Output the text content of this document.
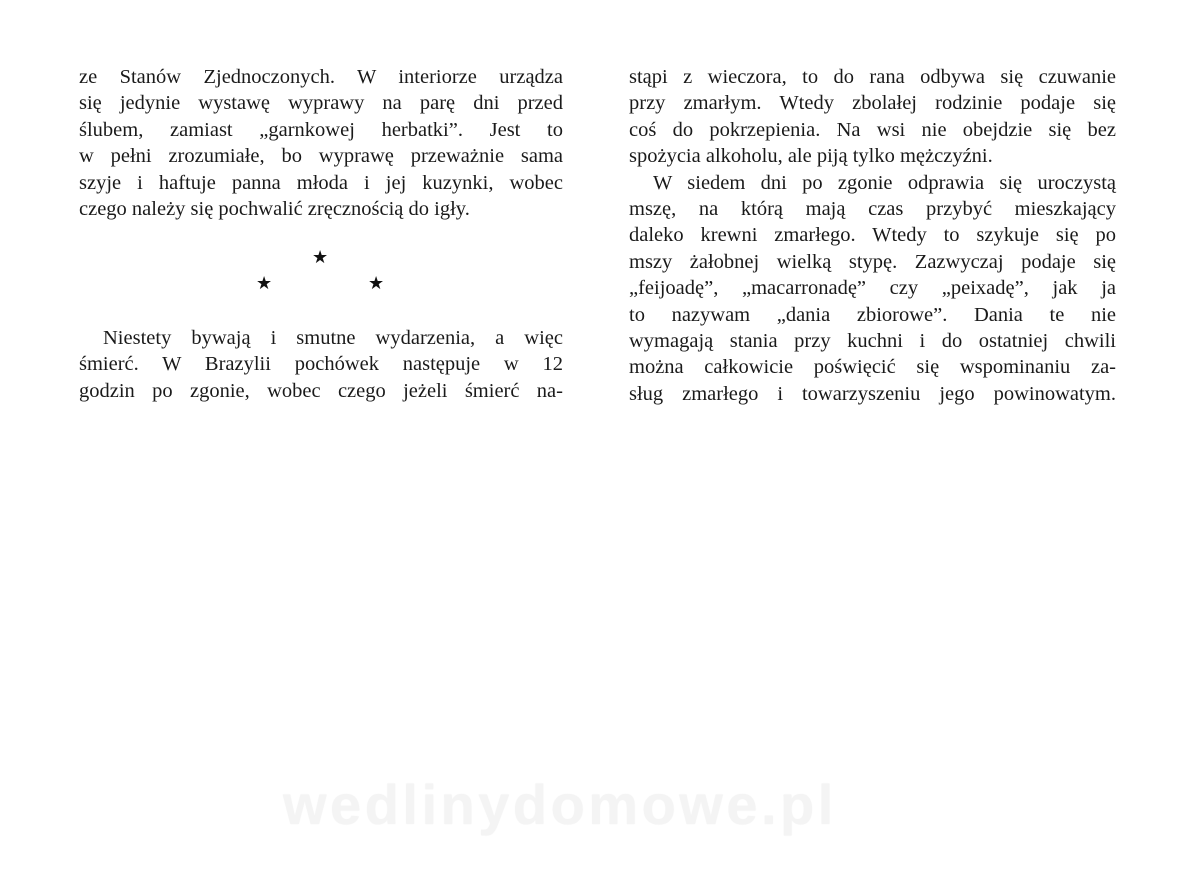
ze Stanów Zjednoczonych. W interiorze urządza
się jedynie wystawę wyprawy na parę dni przed
ślubem, zamiast „garnkowej herbatki”. Jest to
w pełni zrozumiałe, bo wyprawę przeważnie sama
szyje i haftuje panna młoda i jej kuzynki, wobec
czego należy się pochwalić zręcznością do igły.
★
★	★
Niestety bywają i smutne wydarzenia, a więc
śmierć. W Brazylii pochówek następuje w 12
godzin po zgonie, wobec czego jeżeli śmierć na-
stąpi z wieczora, to do rana odbywa się czuwanie
przy zmarłym. Wtedy zbolałej rodzinie podaje się
coś do pokrzepienia. Na wsi nie obejdzie się bez
spożycia alkoholu, ale piją tylko mężczyźni.
W siedem dni po zgonie odprawia się uroczystą
mszę, na którą mają czas przybyć mieszkający
daleko krewni zmarłego. Wtedy to szykuje się po
mszy żałobnej wielką stypę. Zazwyczaj podaje się
„feijoadę”, „macarronadę” czy „peixadę”, jak ja
to nazywam „dania zbiorowe”. Dania te nie
wymagają stania przy kuchni i do ostatniej chwili
można całkowicie poświęcić się wspominaniu za-
sług zmarłego i towarzyszeniu jego powinowatym.
wedlinydomowe.pl
